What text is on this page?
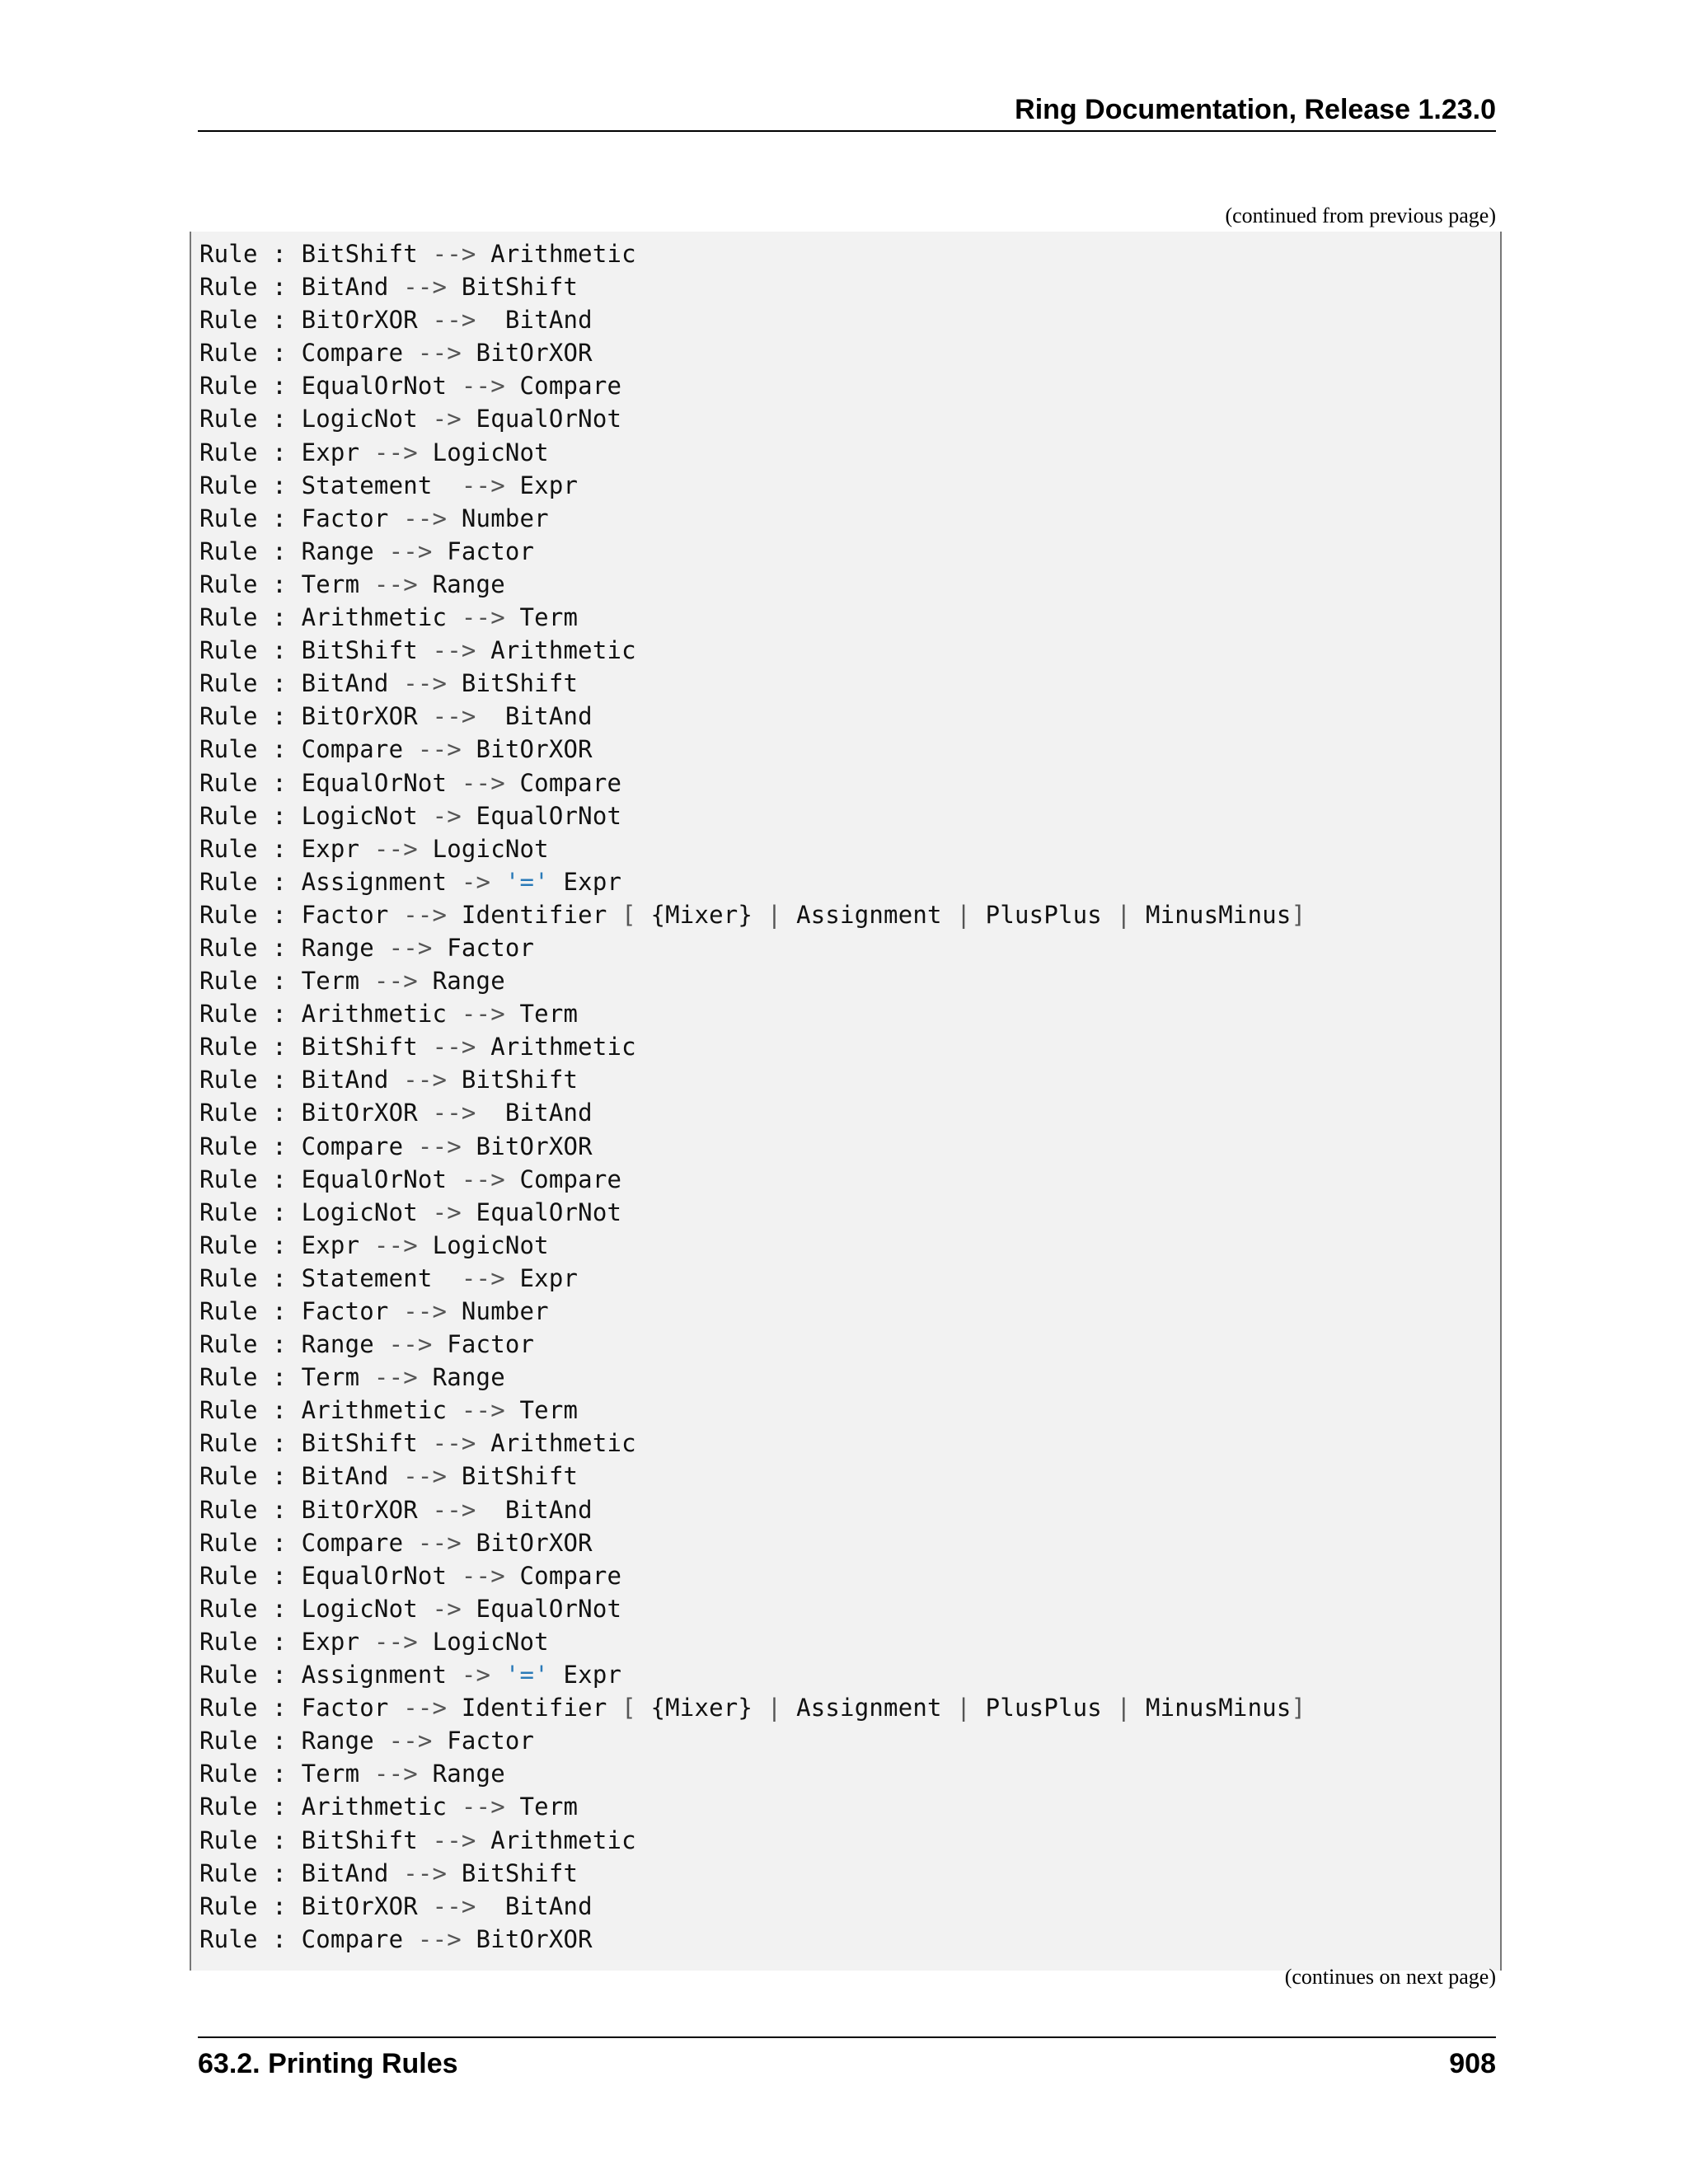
Ring Documentation, Release 1.23.0
(continued from previous page)
Rule : BitShift --> Arithmetic
Rule : BitAnd --> BitShift
Rule : BitOrXOR -->  BitAnd
Rule : Compare --> BitOrXOR
Rule : EqualOrNot --> Compare
Rule : LogicNot -> EqualOrNot
Rule : Expr --> LogicNot
Rule : Statement  --> Expr
Rule : Factor --> Number
Rule : Range --> Factor
Rule : Term --> Range
Rule : Arithmetic --> Term
Rule : BitShift --> Arithmetic
Rule : BitAnd --> BitShift
Rule : BitOrXOR -->  BitAnd
Rule : Compare --> BitOrXOR
Rule : EqualOrNot --> Compare
Rule : LogicNot -> EqualOrNot
Rule : Expr --> LogicNot
Rule : Assignment -> '=' Expr
Rule : Factor --> Identifier [ {Mixer} | Assignment | PlusPlus | MinusMinus]
Rule : Range --> Factor
Rule : Term --> Range
Rule : Arithmetic --> Term
Rule : BitShift --> Arithmetic
Rule : BitAnd --> BitShift
Rule : BitOrXOR -->  BitAnd
Rule : Compare --> BitOrXOR
Rule : EqualOrNot --> Compare
Rule : LogicNot -> EqualOrNot
Rule : Expr --> LogicNot
Rule : Statement  --> Expr
Rule : Factor --> Number
Rule : Range --> Factor
Rule : Term --> Range
Rule : Arithmetic --> Term
Rule : BitShift --> Arithmetic
Rule : BitAnd --> BitShift
Rule : BitOrXOR -->  BitAnd
Rule : Compare --> BitOrXOR
Rule : EqualOrNot --> Compare
Rule : LogicNot -> EqualOrNot
Rule : Expr --> LogicNot
Rule : Assignment -> '=' Expr
Rule : Factor --> Identifier [ {Mixer} | Assignment | PlusPlus | MinusMinus]
Rule : Range --> Factor
Rule : Term --> Range
Rule : Arithmetic --> Term
Rule : BitShift --> Arithmetic
Rule : BitAnd --> BitShift
Rule : BitOrXOR -->  BitAnd
Rule : Compare --> BitOrXOR
(continues on next page)
63.2. Printing Rules	908
